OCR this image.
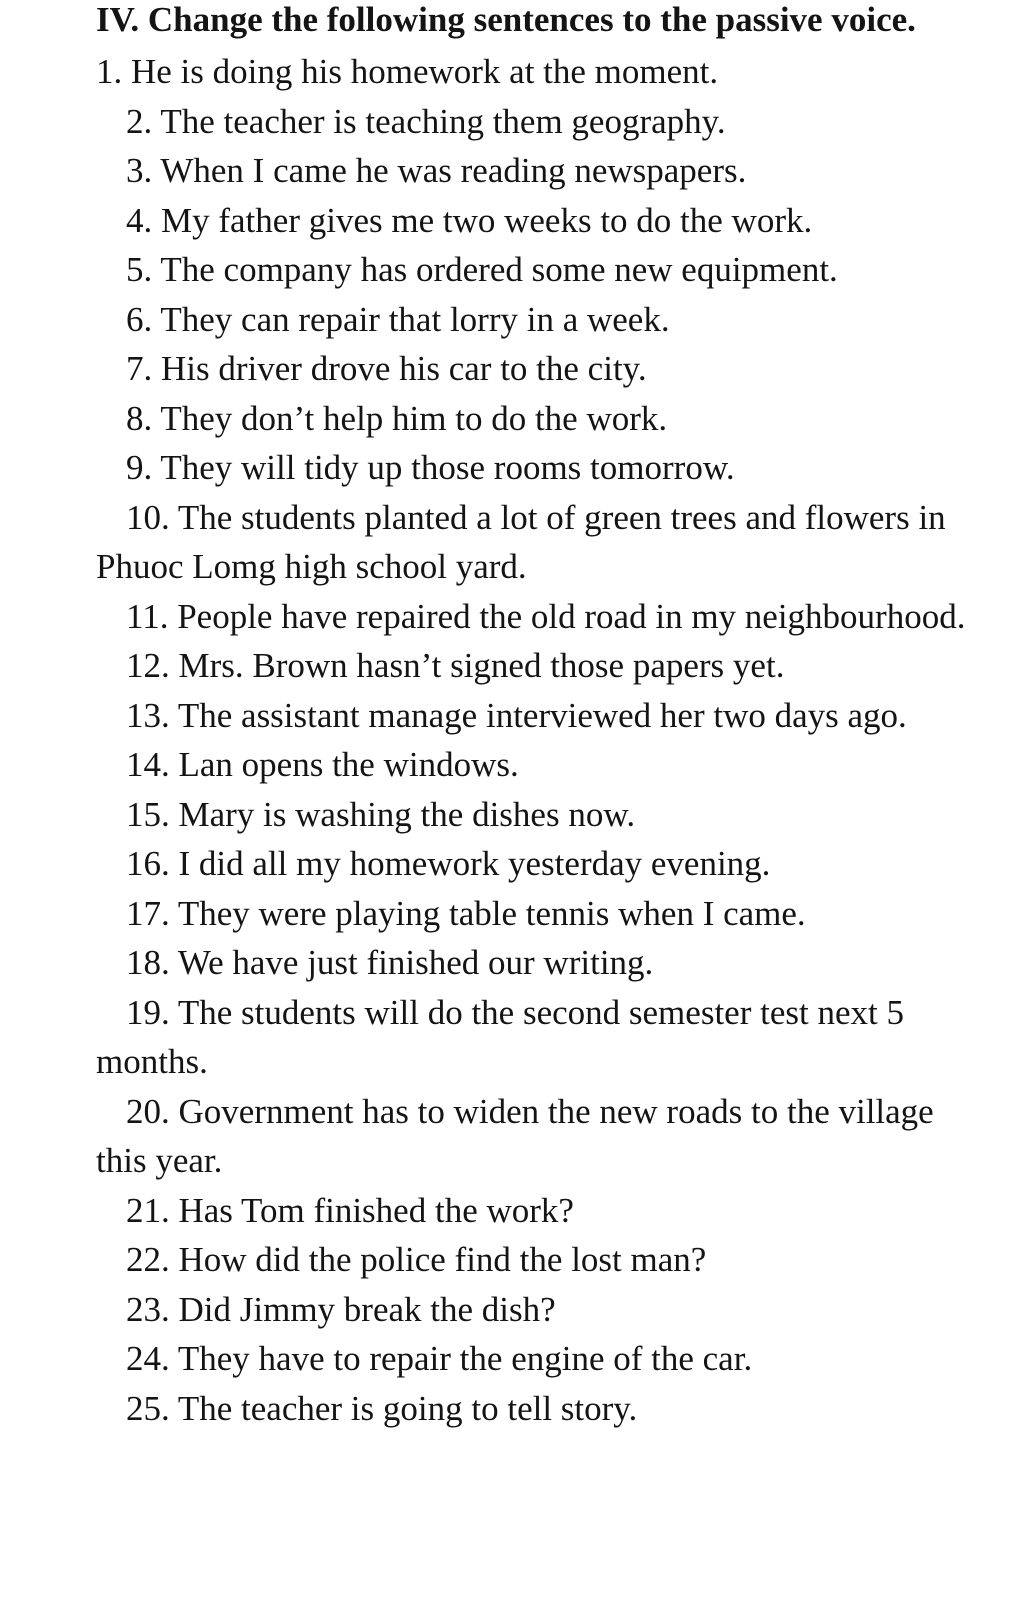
IV. Change the following sentences to the passive voice.

1. He is doing his homework at the moment.
2. The teacher is teaching them geography.
3. When I came he was reading newspapers.
4. My father gives me two weeks to do the work.
5. The company has ordered some new equipment.
6. They can repair that lorry in a week.
7. His driver drove his car to the city.
8. They don’t help him to do the work.
9. They will tidy up those rooms tomorrow.
10. The students planted a lot of green trees and flowers in Phuoc Lomg high school yard.
11. People have repaired the old road in my neighbourhood.
12. Mrs. Brown hasn’t signed those papers yet.
13. The assistant manage interviewed her two days ago.
14. Lan opens the windows.
15. Mary is washing the dishes now.
16. I did all my homework yesterday evening.
17. They were playing table tennis when I came.
18. We have just finished our writing.
19. The students will do the second semester test next 5 months.
20. Government has to widen the new roads to the village this year.
21. Has Tom finished the work?
22. How did the police find the lost man?
23. Did Jimmy break the dish?
24. They have to repair the engine of the car.
25. The teacher is going to tell story.
